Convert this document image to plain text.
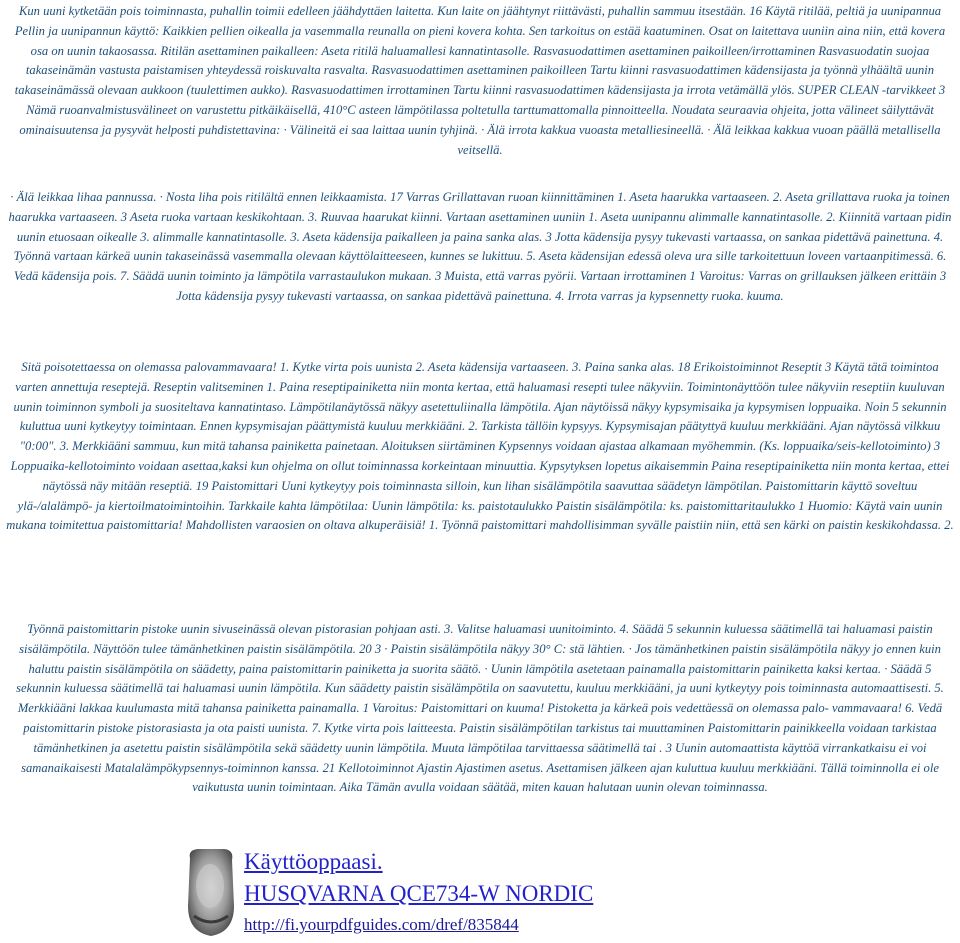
Kun uuni kytketään pois toiminnasta, puhallin toimii edelleen jäähdyttäen laitetta. Kun laite on jäähtynyt riittävästi, puhallin sammuu itsestään. 16 Käytä ritilää, peltiä ja uunipannua Pellin ja uunipannun käyttö: Kaikkien pellien oikealla ja vasemmalla reunalla on pieni kovera kohta. Sen tarkoitus on estää kaatuminen. Osat on laitettava uuniin aina niin, että kovera osa on uunin takaosassa. Ritilän asettaminen paikalleen: Aseta ritilä haluamallesi kannatintasolle. Rasvasuodattimen asettaminen paikoilleen/irrottaminen Rasvasuodatin suojaa takaseinämän vastusta paistamisen yhteydessä roiskuvalta rasvalta. Rasvasuodattimen asettaminen paikoilleen Tartu kiinni rasvasuodattimen kädensijasta ja työnnä ylhäältä uunin takaseinämässä olevaan aukkoon (tuulettimen aukko). Rasvasuodattimen irrottaminen Tartu kiinni rasvasuodattimen kädensijasta ja irrota vetämällä ylös. SUPER CLEAN -tarvikkeet 3 Nämä ruoanvalmistusvälineet on varustettu pitkäikäisellä, 410°C asteen lämpötilassa poltetulla tarttumattomalla pinnoitteella. Noudata seuraavia ohjeita, jotta välineet säilyttävät ominaisuutensa ja pysyvät helposti puhdistettavina: · Välineitä ei saa laittaa uunin tyhjinä. · Älä irrota kakkua vuoasta metalliesineellä. · Älä leikkaa kakkua vuoan päällä metallisella veitsellä.

· Älä leikkaa lihaa pannussa. · Nosta liha pois ritilältä ennen leikkaamista. 17 Varras Grillattavan ruoan kiinnittäminen 1. Aseta haarukka vartaaseen. 2. Aseta grillattava ruoka ja toinen haarukka vartaaseen. 3 Aseta ruoka vartaan keskikohtaan. 3. Ruuvaa haarukat kiinni. Vartaan asettaminen uuniin 1. Aseta uunipannu alimmalle kannatintasolle. 2. Kiinnitä vartaan pidin uunin etuosaan oikealle 3. alimmalle kannatintasolle. 3. Aseta kädensija paikalleen ja paina sanka alas. 3 Jotta kädensija pysyy tukevasti vartaassa, on sankaa pidettävä painettuna. 4. Työnnä vartaan kärkeä uunin takaseinässä vasemmalla olevaan käyttölaitteeseen, kunnes se lukittuu. 5. Aseta kädensijan edessä oleva ura sille tarkoitettuun loveen vartaanpitimessä. 6. Vedä kädensija pois. 7. Säädä uunin toiminto ja lämpötila varrastaulukon mukaan. 3 Muista, että varras pyörii. Vartaan irrottaminen 1 Varoitus: Varras on grillauksen jälkeen erittäin 3 Jotta kädensija pysyy tukevasti vartaassa, on sankaa pidettävä painettuna. 4. Irrota varras ja kypsennetty ruoka. kuuma.

Sitä poisotettaessa on olemassa palovammavaara! 1. Kytke virta pois uunista 2. Aseta kädensija vartaaseen. 3. Paina sanka alas. 18 Erikoistoiminnot Reseptit 3 Käytä tätä toimintoa varten annettuja reseptejä. Reseptin valitseminen 1. Paina reseptipainiketta niin monta kertaa, että haluamasi resepti tulee näkyviin. Toimintonäyttöön tulee näkyviin reseptiin kuuluvan uunin toiminnon symboli ja suositeltava kannatintaso. Lämpötilanäytössä näkyy asetettuliinalla lämpötila. Ajan näytöissä näkyy kypsymisaika ja kypsymisen loppuaika. Noin 5 sekunnin kuluttua uuni kytkeytyy toimintaan. Ennen kypsymisajan päättymistä kuuluu merkkiääni. 2. Tarkista tällöin kypsyys. Kypsymisajan päätyttyä kuuluu merkkiääni. Ajan näytössä vilkkuu "0:00". 3. Merkkiääni sammuu, kun mitä tahansa painiketta painetaan. Aloituksen siirtäminen Kypsennys voidaan ajastaa alkamaan myöhemmin. (Ks. loppuaika/seis-kellotoiminto) 3 Loppuaika-kellotoiminto voidaan asettaa,kaksi kun ohjelma on ollut toiminnassa korkeintaan minuuttia. Kypsytyksen lopetus aikaisemmin Paina reseptipainiketta niin monta kertaa, ettei näytössä näy mitään reseptiä. 19 Paistomittari Uuni kytkeytyy pois toiminnasta silloin, kun lihan sisälämpötila saavuttaa säädetyn lämpötilan. Paistomittarin käyttö soveltuu ylä-/alalämpö- ja kiertoilmatoimintoihin. Tarkkaile kahta lämpötilaa: Uunin lämpötila: ks. paistotaulukko Paistin sisälämpötila: ks. paistomittaritaulukko 1 Huomio: Käytä vain uunin mukana toimitettua paistomittaria! Mahdollisten varaosien on oltava alkuperäisiä! 1. Työnnä paistomittari mahdollisimman syvälle paistiin niin, että sen kärki on paistin keskikohdassa. 2.

Työnnä paistomittarin pistoke uunin sivuseinässä olevan pistorasian pohjaan asti. 3. Valitse haluamasi uunitoiminto. 4. Säädä 5 sekunnin kuluessa säätimellä tai haluamasi paistin sisälämpötila. Näyttöön tulee tämänhetkinen paistin sisälämpötila. 20 3 · Paistin sisälämpötila näkyy 30° C: stä lähtien. · Jos tämänhetkinen paistin sisälämpötila näkyy jo ennen kuin haluttu paistin sisälämpötila on säädetty, paina paistomittarin painiketta ja suorita säätö. · Uunin lämpötila asetetaan painamalla paistomittarin painiketta kaksi kertaa. · Säädä 5 sekunnin kuluessa säätimellä tai haluamasi uunin lämpötila. Kun säädetty paistin sisälämpötila on saavutettu, kuuluu merkkiääni, ja uuni kytkeytyy pois toiminnasta automaattisesti. 5. Merkkiääni lakkaa kuulumasta mitä tahansa painiketta painamalla. 1 Varoitus: Paistomittari on kuuma! Pistoketta ja kärkeä pois vedettäessä on olemassa palo- vammavaara! 6. Vedä paistomittarin pistoke pistorasiasta ja ota paisti uunista. 7. Kytke virta pois laitteesta. Paistin sisälämpötilan tarkistus tai muuttaminen Paistomittarin painikkeella voidaan tarkistaa tämänhetkinen ja asetettu paistin sisälämpötila sekä säädetty uunin lämpötila. Muuta lämpötilaa tarvittaessa säätimellä tai . 3 Uunin automaattista käyttöä virrankatkaisu ei voi samanaikaisesti Matalalämpökypsennys-toiminnon kanssa. 21 Kellotoiminnot Ajastin Ajastimen asetus. Asettamisen jälkeen ajan kuluttua kuuluu merkkiääni. Tällä toiminnolla ei ole vaikutusta uunin toimintaan. Aika Tämän avulla voidaan säätää, miten kauan halutaan uunin olevan toiminnassa.

Käyttöoppaasi.
HUSQVARNA QCE734-W NORDIC
http://fi.yourpdfguides.com/dref/835844
